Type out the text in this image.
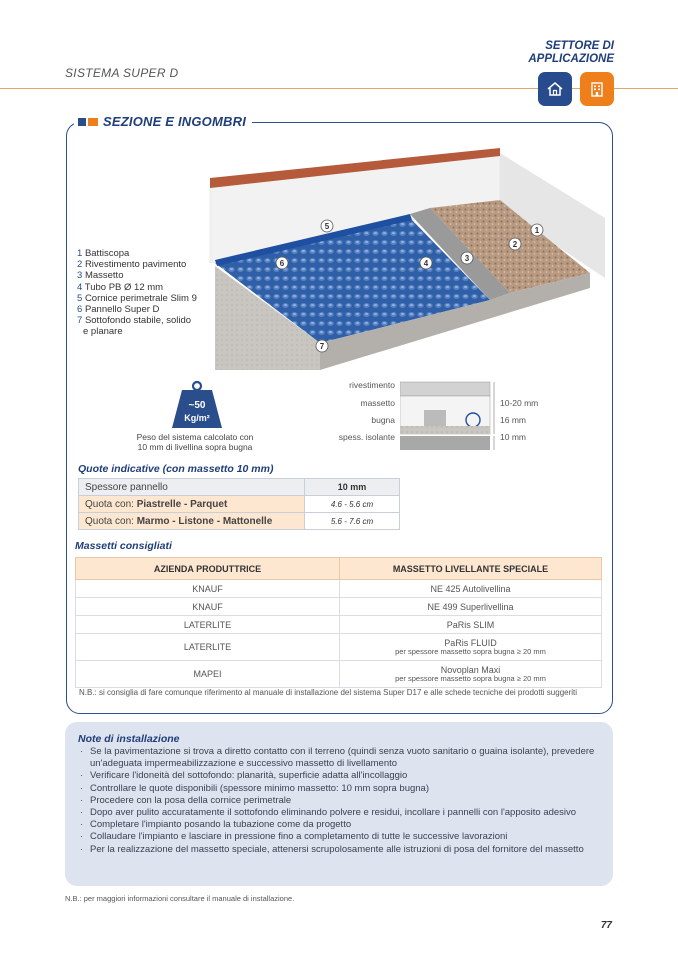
SISTEMA SUPER D
SETTORE DI
APPLICAZIONE
SEZIONE E INGOMBRI
1 Battiscopa
2 Rivestimento pavimento
3 Massetto
4 Tubo PB Ø 12 mm
5 Cornice perimetrale Slim 9
6 Pannello Super D
7 Sottofondo stabile, solido
e planare
1
2
3
4
5
6
7
~50
Kg/m²
Peso del sistema calcolato con
10 mm di livellina sopra bugna
rivestimento
massetto
bugna
spess. isolante
10-20 mm
16 mm
10 mm
Quote indicative (con massetto 10 mm)
Spessore pannello	10 mm
Quota con: Piastrelle - Parquet	4.6 - 5.6 cm
Quota con: Marmo - Listone - Mattonelle	5.6 - 7.6 cm
Massetti consigliati
AZIENDA PRODUTTRICE	MASSETTO LIVELLANTE SPECIALE
KNAUF	NE 425 Autolivellina
KNAUF	NE 499 Superlivellina
LATERLITE	PaRis SLIM
LATERLITE	PaRis FLUID
per spessore massetto sopra bugna ≥ 20 mm

MAPEI	Novoplan Maxi
per spessore massetto sopra bugna ≥ 20 mm
N.B.: si consiglia di fare comunque riferimento al manuale di installazione del sistema Super D17 e alle schede tecniche dei prodotti suggeriti
Note di installazione
· Se la pavimentazione si trova a diretto contatto con il terreno (quindi senza vuoto sanitario o guaina isolante), prevedere un'adeguata impermeabilizzazione e successivo massetto di livellamento
· Verificare l'idoneità del sottofondo: planarità, superficie adatta all'incollaggio
· Controllare le quote disponibili (spessore minimo massetto: 10 mm sopra bugna)
· Procedere con la posa della cornice perimetrale
· Dopo aver pulito accuratamente il sottofondo eliminando polvere e residui, incollare i pannelli con l'apposito adesivo
· Completare l'impianto posando la tubazione come da progetto
· Collaudare l'impianto e lasciare in pressione fino a completamento di tutte le successive lavorazioni
· Per la realizzazione del massetto speciale, attenersi scrupolosamente alle istruzioni di posa del fornitore del massetto
N.B.: per maggiori informazioni consultare il manuale di installazione.
77
